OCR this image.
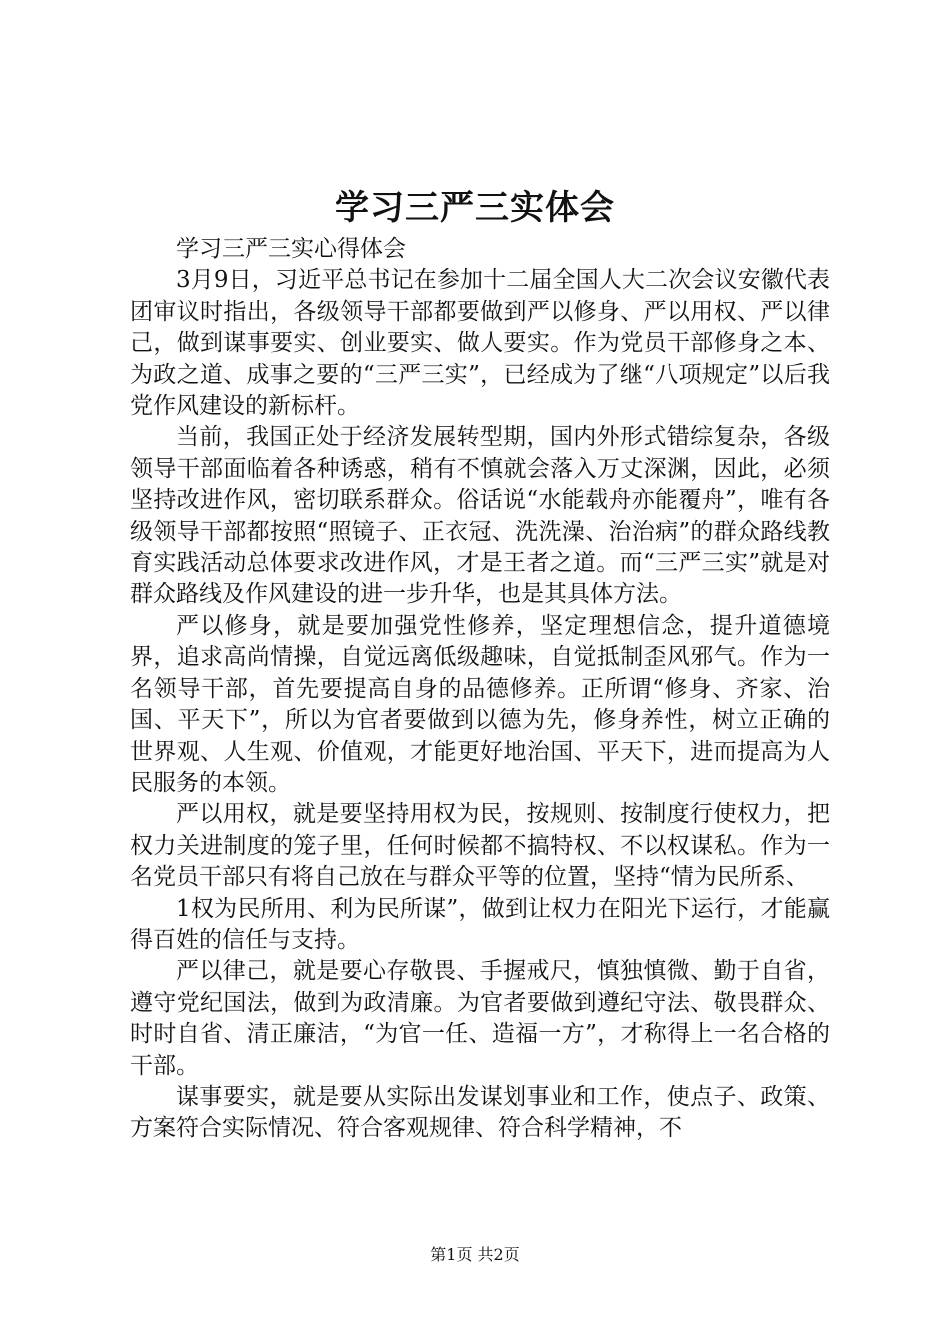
学习三严三实体会

学习三严三实心得体会

3月9日，习近平总书记在参加十二届全国人大二次会议安徽代表团审议时指出，各级领导干部都要做到严以修身、严以用权、严以律己，做到谋事要实、创业要实、做人要实。作为党员干部修身之本、为政之道、成事之要的“三严三实”，已经成为了继“八项规定”以后我党作风建设的新标杆。

当前，我国正处于经济发展转型期，国内外形式错综复杂，各级领导干部面临着各种诱惑，稍有不慎就会落入万丈深渊，因此，必须坚持改进作风，密切联系群众。俗话说“水能载舟亦能覆舟”，唯有各级领导干部都按照“照镜子、正衣冠、洗洗澡、治治病”的群众路线教育实践活动总体要求改进作风，才是王者之道。而“三严三实”就是对群众路线及作风建设的进一步升华，也是其具体方法。

严以修身，就是要加强党性修养，坚定理想信念，提升道德境界，追求高尚情操，自觉远离低级趣味，自觉抵制歪风邪气。作为一名领导干部，首先要提高自身的品德修养。正所谓“修身、齐家、治国、平天下”，所以为官者要做到以德为先，修身养性，树立正确的世界观、人生观、价值观，才能更好地治国、平天下，进而提高为人民服务的本领。

严以用权，就是要坚持用权为民，按规则、按制度行使权力，把权力关进制度的笼子里，任何时候都不搞特权、不以权谋私。作为一名党员干部只有将自己放在与群众平等的位置，坚持“情为民所系、

1权为民所用、利为民所谋”，做到让权力在阳光下运行，才能赢得百姓的信任与支持。

严以律己，就是要心存敬畏、手握戒尺，慎独慎微、勤于自省，遵守党纪国法，做到为政清廉。为官者要做到遵纪守法、敬畏群众、时时自省、清正廉洁，“为官一任、造福一方”，才称得上一名合格的干部。

谋事要实，就是要从实际出发谋划事业和工作，使点子、政策、方案符合实际情况、符合客观规律、符合科学精神，不

第1页 共2页
